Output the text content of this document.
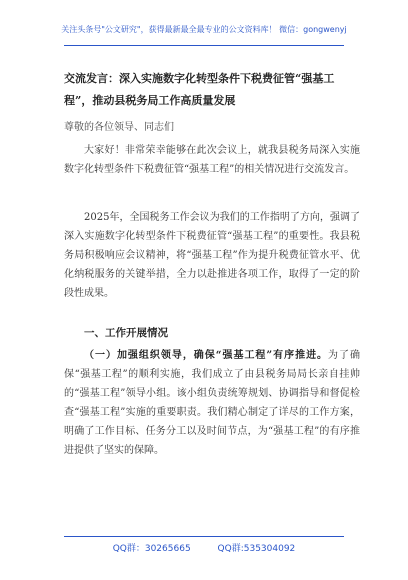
关注头条号"公文研究"，获得最新最全最专业的公文资料库！ 微信：gongwenyj
交流发言：深入实施数字化转型条件下税费征管“强基工程”，推动县税务局工作高质量发展
尊敬的各位领导、同志们
大家好！非常荣幸能够在此次会议上，就我县税务局深入实施数字化转型条件下税费征管“强基工程”的相关情况进行交流发言。
2025年，全国税务工作会议为我们的工作指明了方向，强调了深入实施数字化转型条件下税费征管“强基工程”的重要性。我县税务局积极响应会议精神，将“强基工程”作为提升税费征管水平、优化纳税服务的关键举措，全力以赴推进各项工作，取得了一定的阶段性成果。
一、工作开展情况
（一）加强组织领导，确保“强基工程”有序推进。为了确保“强基工程”的顺利实施，我们成立了由县税务局局长亲自挂帅的“强基工程”领导小组。该小组负责统筹规划、协调指导和督促检查“强基工程”实施的重要职责。我们精心制定了详尽的工作方案，明确了工作目标、任务分工以及时间节点，为“强基工程”的有序推进提供了坚实的保障。
QQ群：30265665	QQ群:535304092
